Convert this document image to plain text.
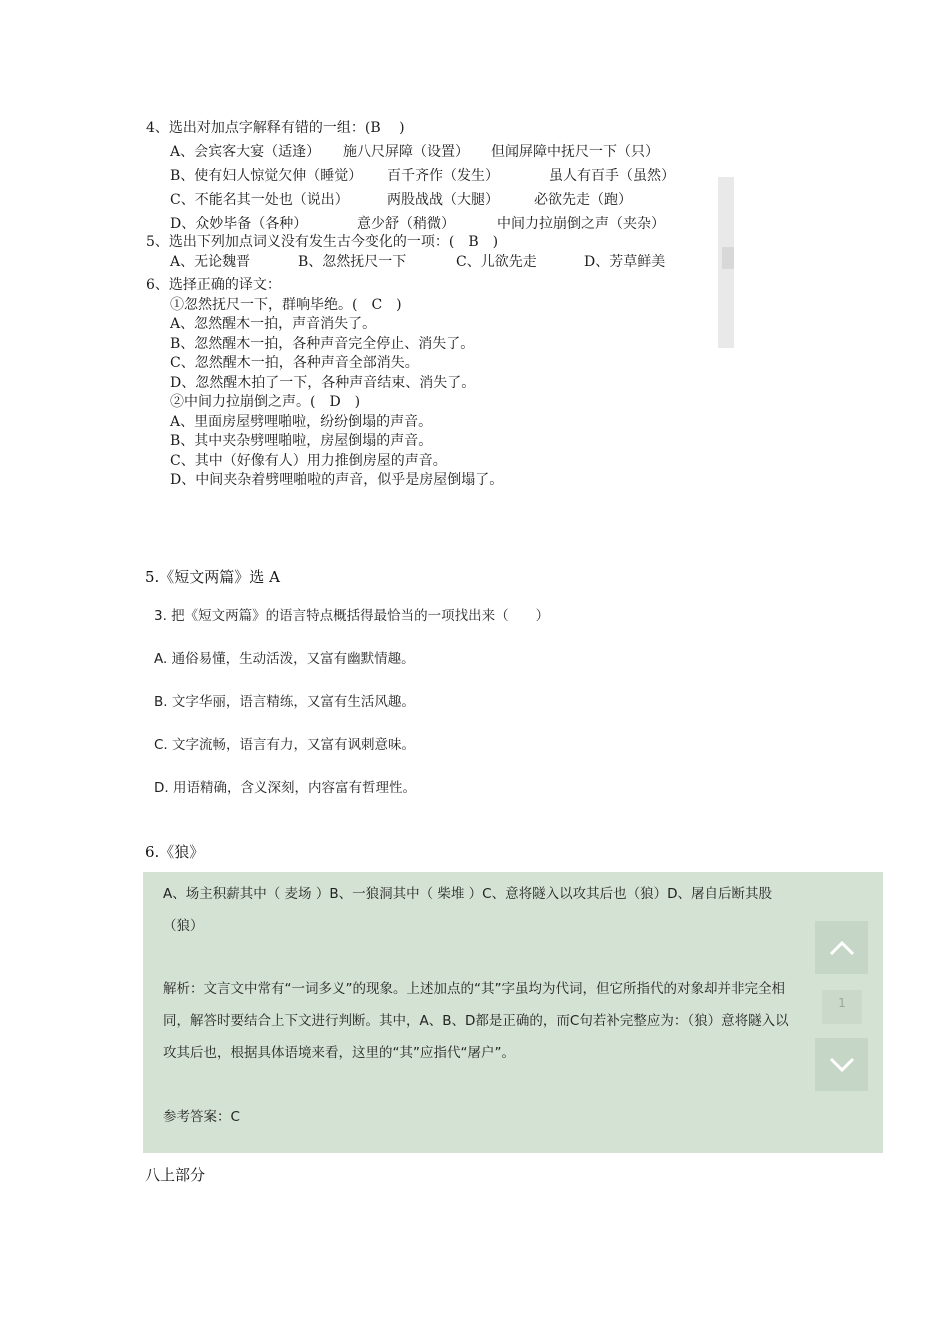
4、选出对加点字解释有错的一组：(B　 )
A、会宾客大宴（适逢） 施八尺屏障（设置） 但闻屏障中抚尺一下（只）
B、使有妇人惊觉欠伸（睡觉） 百千齐作（发生）	虽人有百手（虽然）
C、不能名其一处也（说出）	两股战战（大腿）	必欲先走（跑）
D、众妙毕备（各种）	意少舒（稍微）	中间力拉崩倒之声（夹杂）
5、选出下列加点词义没有发生古今变化的一项：(　B　)
A、无论魏晋	B、忽然抚尺一下	C、儿欲先走	D、芳草鲜美
6、选择正确的译文：
①忽然抚尺一下，群响毕绝。(　C　)
A、忽然醒木一拍，声音消失了。
B、忽然醒木一拍，各种声音完全停止、消失了。
C、忽然醒木一拍，各种声音全部消失。
D、忽然醒木拍了一下，各种声音结束、消失了。
②中间力拉崩倒之声。(　D　)
A、里面房屋劈哩啪啦，纷纷倒塌的声音。
B、其中夹杂劈哩啪啦，房屋倒塌的声音。
C、其中（好像有人）用力推倒房屋的声音。
D、中间夹杂着劈哩啪啦的声音，似乎是房屋倒塌了。
5.《短文两篇》选 A
3. 把《短文两篇》的语言特点概括得最恰当的一项找出来（　　）
A. 通俗易懂，生动活泼，又富有幽默情趣。
B. 文字华丽，语言精练，又富有生活风趣。
C. 文字流畅，语言有力，又富有讽刺意味。
D. 用语精确，含义深刻，内容富有哲理性。
6.《狼》
A、场主积薪其中（ 麦场 ）B、一狼洞其中（ 柴堆 ）C、意将隧入以攻其后也（狼）D、屠自后断其股
（狼）
解析：文言文中常有“一词多义”的现象。上述加点的“其”字虽均为代词，但它所指代的对象却并非完全相
同，解答时要结合上下文进行判断。其中，A、B、D都是正确的，而C句若补完整应为：（狼）意将隧入以
攻其后也，根据具体语境来看，这里的“其”应指代“屠户”。
参考答案：C
1
八上部分
